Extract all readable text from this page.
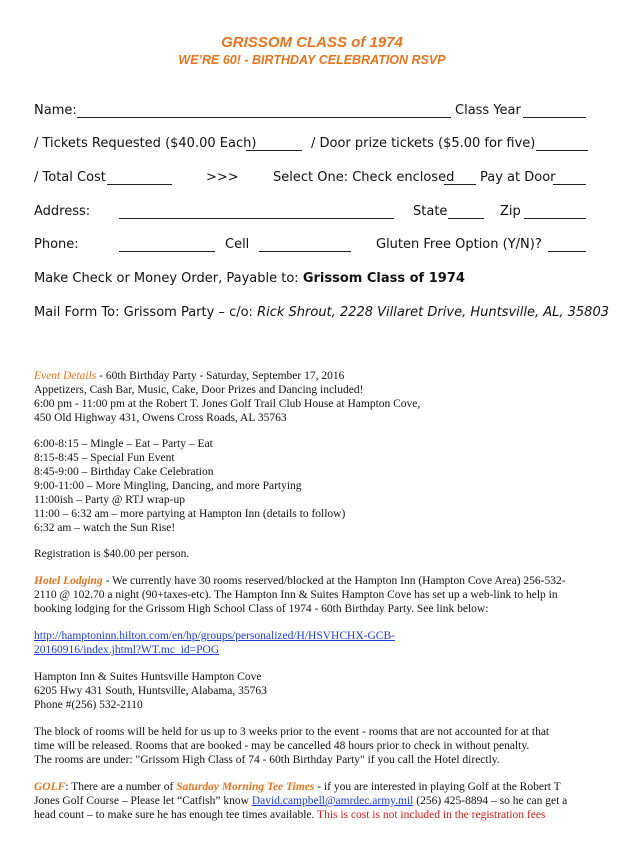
GRISSOM CLASS of 1974
WE’RE 60! - BIRTHDAY CELEBRATION RSVP
Name:	Class Year
/ Tickets Requested ($40.00 Each)	/ Door prize tickets ($5.00 for five)
/ Total Cost	>>>	Select One: Check enclosed Pay at Door
Address:	State	Zip
Phone:	Cell	Gluten Free Option (Y/N)?
Make Check or Money Order, Payable to: Grissom Class of 1974
Mail Form To: Grissom Party – c/o: Rick Shrout, 2228 Villaret Drive, Huntsville, AL, 35803
Event Details - 60th Birthday Party - Saturday, September 17, 2016
Appetizers, Cash Bar, Music, Cake, Door Prizes and Dancing included!
6:00 pm - 11:00 pm at the Robert T. Jones Golf Trail Club House at Hampton Cove,
450 Old Highway 431, Owens Cross Roads, AL 35763
6:00-8:15 – Mingle – Eat – Party – Eat
8:15-8:45 – Special Fun Event
8:45-9:00 – Birthday Cake Celebration
9:00-11:00 – More Mingling, Dancing, and more Partying
11:00ish – Party @ RTJ wrap-up
11:00 – 6:32 am – more partying at Hampton Inn (details to follow)
6:32 am – watch the Sun Rise!
Registration is $40.00 per person.
Hotel Lodging - We currently have 30 rooms reserved/blocked at the Hampton Inn (Hampton Cove Area) 256-532-
2110 @ 102.70 a night (90+taxes-etc). The Hampton Inn & Suites Hampton Cove has set up a web-link to help in
booking lodging for the Grissom High School Class of 1974 - 60th Birthday Party. See link below:
http://hamptoninn.hilton.com/en/hp/groups/personalized/H/HSVHCHX-GCB-
20160916/index.jhtml?WT.mc_id=POG
Hampton Inn & Suites Huntsville Hampton Cove
6205 Hwy 431 South, Huntsville, Alabama, 35763
Phone #(256) 532-2110
The block of rooms will be held for us up to 3 weeks prior to the event - rooms that are not accounted for at that
time will be released. Rooms that are booked - may be cancelled 48 hours prior to check in without penalty.
The rooms are under: "Grissom High Class of 74 - 60th Birthday Party" if you call the Hotel directly.
GOLF: There are a number of Saturday Morning Tee Times - if you are interested in playing Golf at the Robert T
Jones Golf Course – Please let “Catfish” know David.campbell@amrdec.army.mil (256) 425-8894 – so he can get a
head count – to make sure he has enough tee times available. This is cost is not included in the registration fees
